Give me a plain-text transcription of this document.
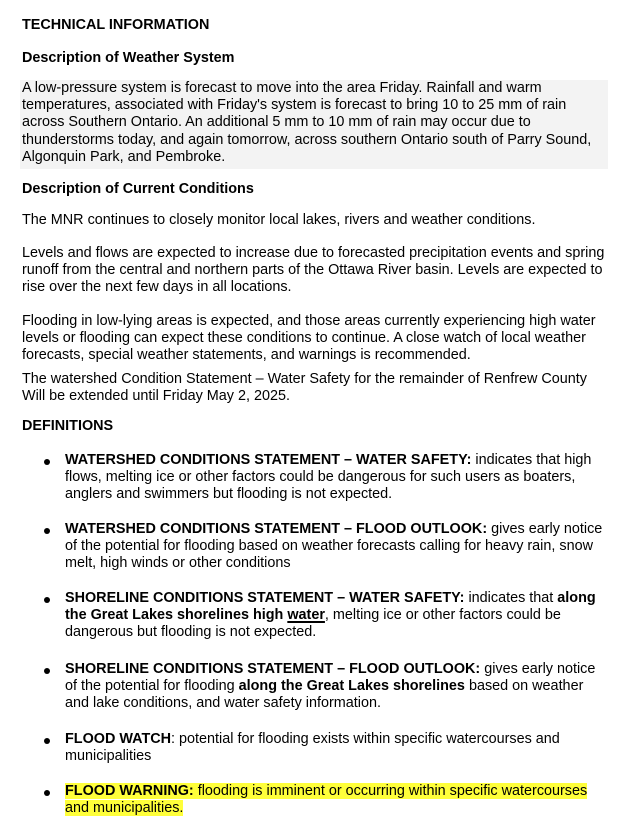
TECHNICAL INFORMATION
Description of Weather System

A low-pressure system is forecast to move into the area Friday. Rainfall and warm temperatures, associated with Friday's system is forecast to bring 10 to 25 mm of rain across Southern Ontario. An additional 5 mm to 10 mm of rain may occur due to thunderstorms today, and again tomorrow, across southern Ontario south of Parry Sound, Algonquin Park, and Pembroke.

Description of Current Conditions

The MNR continues to closely monitor local lakes, rivers and weather conditions.

Levels and flows are expected to increase due to forecasted precipitation events and spring runoff from the central and northern parts of the Ottawa River basin. Levels are expected to rise over the next few days in all locations.

Flooding in low-lying areas is expected, and those areas currently experiencing high water levels or flooding can expect these conditions to continue. A close watch of local weather forecasts, special weather statements, and warnings is recommended.

The watershed Condition Statement – Water Safety for the remainder of Renfrew County Will be extended until Friday May 2, 2025.

DEFINITIONS
WATERSHED CONDITIONS STATEMENT – WATER SAFETY: indicates that high flows, melting ice or other factors could be dangerous for such users as boaters, anglers and swimmers but flooding is not expected.
WATERSHED CONDITIONS STATEMENT – FLOOD OUTLOOK: gives early notice of the potential for flooding based on weather forecasts calling for heavy rain, snow melt, high winds or other conditions
SHORELINE CONDITIONS STATEMENT – WATER SAFETY: indicates that along the Great Lakes shorelines high water, melting ice or other factors could be dangerous but flooding is not expected.
SHORELINE CONDITIONS STATEMENT – FLOOD OUTLOOK: gives early notice of the potential for flooding along the Great Lakes shorelines based on weather and lake conditions, and water safety information.
FLOOD WATCH: potential for flooding exists within specific watercourses and municipalities
FLOOD WARNING: flooding is imminent or occurring within specific watercourses and municipalities.
